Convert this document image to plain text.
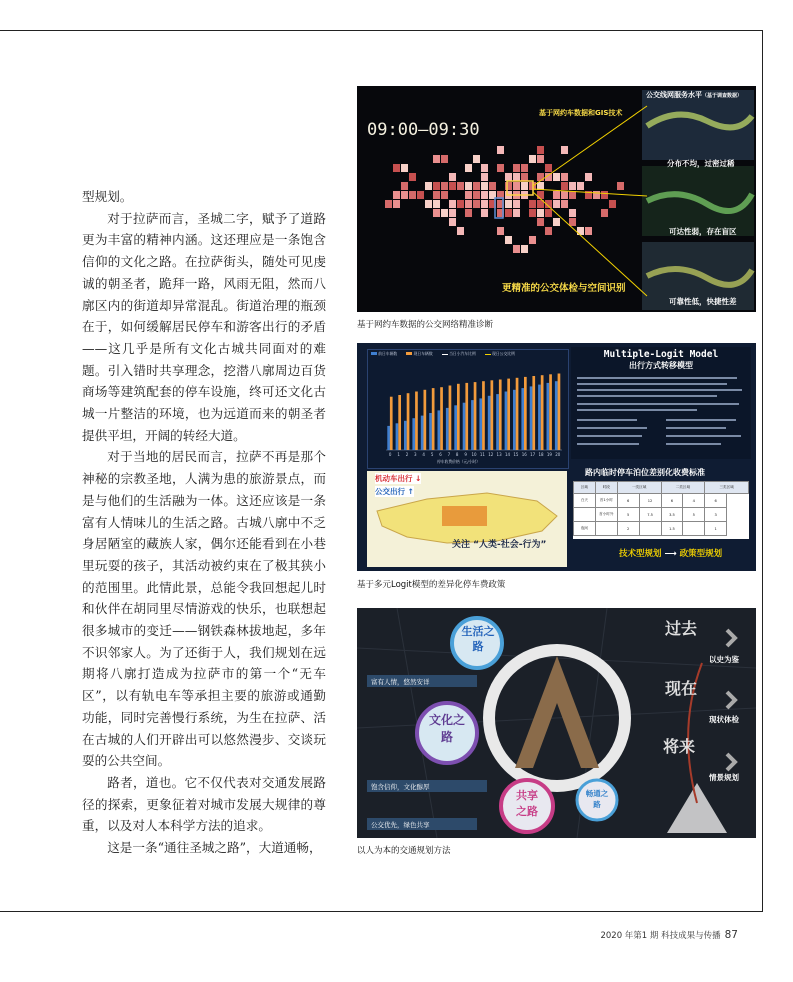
型规划。

对于拉萨而言，圣城二字，赋予了道路更为丰富的精神内涵。这还理应是一条饱含信仰的文化之路。在拉萨街头，随处可见虔诚的朝圣者，跪拜一路，风雨无阻，然而八廓区内的街道却异常混乱。街道治理的瓶颈在于，如何缓解居民停车和游客出行的矛盾——这几乎是所有文化古城共同面对的难题。引入错时共享理念，挖潜八廓周边百货商场等建筑配套的停车设施，终可还文化古城一片整洁的环境，也为远道而来的朝圣者提供平坦，开阔的转经大道。

对于当地的居民而言，拉萨不再是那个神秘的宗教圣地，人满为患的旅游景点，而是与他们的生活融为一体。这还应该是一条富有人情味儿的生活之路。古城八廓中不乏身居陋室的藏族人家，偶尔还能看到在小巷里玩耍的孩子，其活动被约束在了极其狭小的范围里。此情此景，总能令我回想起儿时和伙伴在胡同里尽情游戏的快乐，也联想起很多城市的变迁——钢铁森林拔地起，多年不识邻家人。为了还街于人，我们规划在远期将八廓打造成为拉萨市的第一个“无车区”，以有轨电车等承担主要的旅游或通勤功能，同时完善慢行系统，为生在拉萨、活在古城的人们开辟出可以悠然漫步、交谈玩耍的公共空间。

路者，道也。它不仅代表对交通发展路径的探索，更象征着对城市发展大规律的尊重，以及对人本科学方法的追求。

这是一条“通往圣城之路”，大道通畅，

09:00—09:30
基于网约车数据和GIS技术
公交线网服务水平（基于调查数据）
分布不均，过密过稀
可达性弱，存在盲区
可靠性低，快捷性差
更精准的公交体检与空间识别
基于网约车数据的公交网络精准诊断
0 1 2 3 4 5 6 7 8 9 10 11 12 13 14 15 16 17 18 19 20
前日车辆数	现日车辆数	当日小汽车比例	现日公交比例
停车收费价格（元/小时）
Multiple-Logit Model
出行方式转移模型
机动车出行 ↓
公交出行 ↑
关注 “人类-社会-行为”
路内临时停车泊位差别化收费标准
区域	时段	一类区域		二类区域		三类区域
白天	首1小时	6	12	6	4	6
	首小时外	5	7.5	3.5	5	3
夜间		2		1.5		1
技术型规划 ⟶ 政策型规划
基于多元Logit模型的差异化停车费政策
生活之路
富有人情，悠然安详
文化之路
饱含信仰，文化醇厚
共享之路
公交优先，绿色共享
畅通之路
过去
现在
将来
以史为鉴
现状体检
情景规划
以人为本的交通规划方法
2020 年第1 期 科技成果与传播 87
